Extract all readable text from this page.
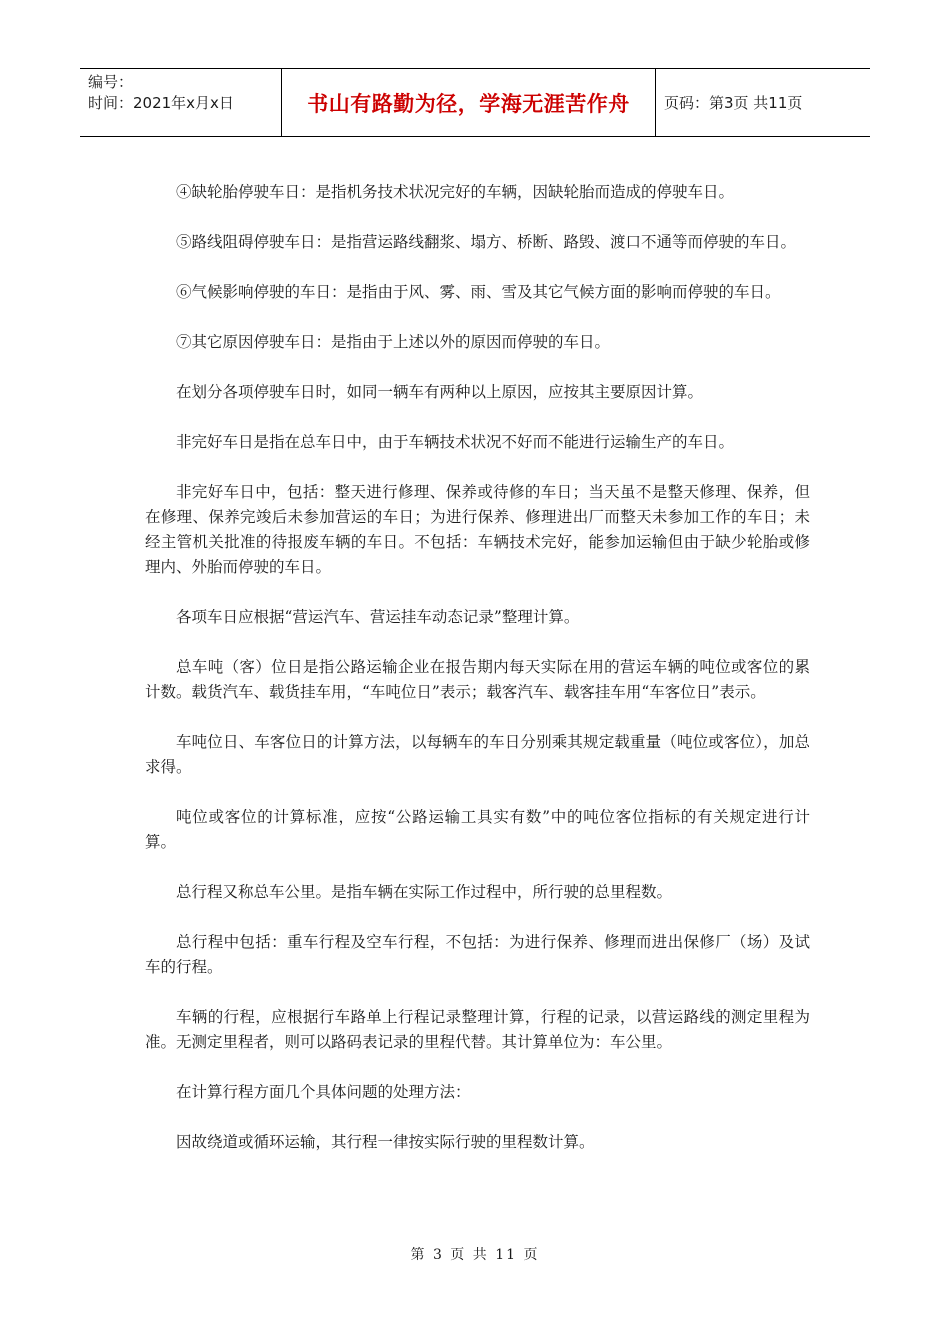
编号：
时间：2021年x月x日	书山有路勤为径，学海无涯苦作舟	页码：第3页 共11页

④缺轮胎停驶车日：是指机务技术状况完好的车辆，因缺轮胎而造成的停驶车日。

⑤路线阻碍停驶车日：是指营运路线翻浆、塌方、桥断、路毁、渡口不通等而停驶的车日。

⑥气候影响停驶的车日：是指由于风、雾、雨、雪及其它气候方面的影响而停驶的车日。

⑦其它原因停驶车日：是指由于上述以外的原因而停驶的车日。

在划分各项停驶车日时，如同一辆车有两种以上原因，应按其主要原因计算。

非完好车日是指在总车日中，由于车辆技术状况不好而不能进行运输生产的车日。

非完好车日中，包括：整天进行修理、保养或待修的车日；当天虽不是整天修理、保养，但在修理、保养完竣后未参加营运的车日；为进行保养、修理进出厂而整天未参加工作的车日；未经主管机关批准的待报废车辆的车日。不包括：车辆技术完好，能参加运输但由于缺少轮胎或修理内、外胎而停驶的车日。

各项车日应根据“营运汽车、营运挂车动态记录”整理计算。

总车吨（客）位日是指公路运输企业在报告期内每天实际在用的营运车辆的吨位或客位的累计数。载货汽车、载货挂车用，“车吨位日”表示；载客汽车、载客挂车用“车客位日”表示。

车吨位日、车客位日的计算方法，以每辆车的车日分别乘其规定载重量（吨位或客位），加总求得。

吨位或客位的计算标准，应按“公路运输工具实有数”中的吨位客位指标的有关规定进行计算。

总行程又称总车公里。是指车辆在实际工作过程中，所行驶的总里程数。

总行程中包括：重车行程及空车行程，不包括：为进行保养、修理而进出保修厂（场）及试车的行程。

车辆的行程，应根据行车路单上行程记录整理计算，行程的记录，以营运路线的测定里程为准。无测定里程者，则可以路码表记录的里程代替。其计算单位为：车公里。

在计算行程方面几个具体问题的处理方法：

因故绕道或循环运输，其行程一律按实际行驶的里程数计算。

第 3 页 共 11 页
